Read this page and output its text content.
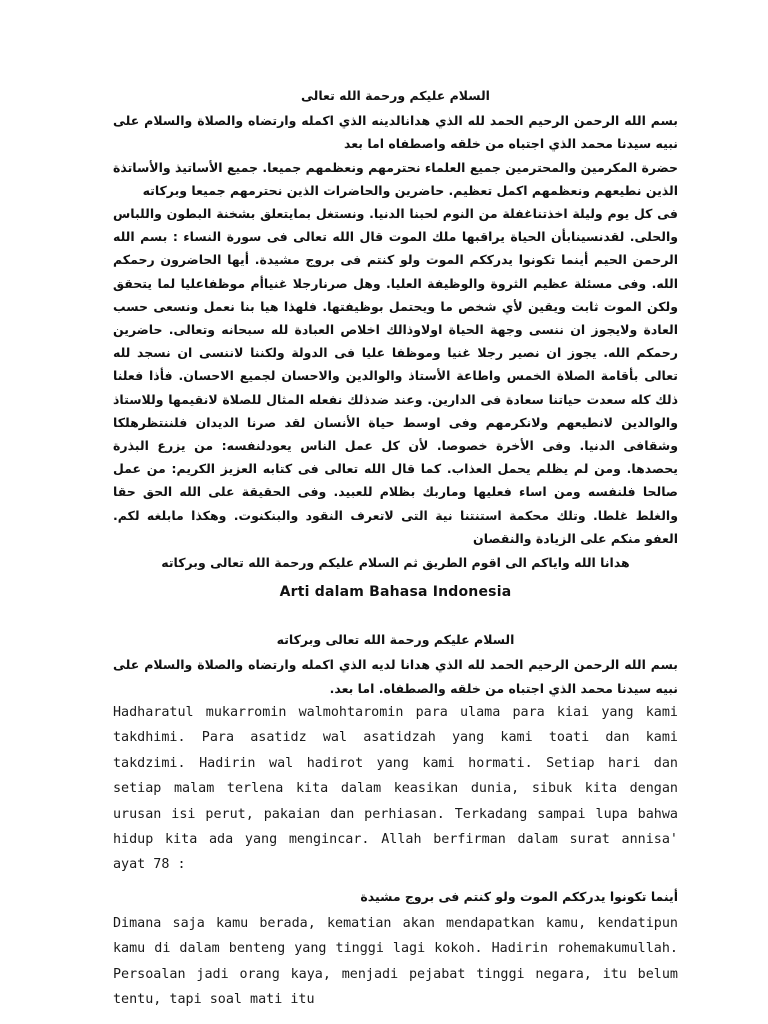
السلام عليكم ورحمة الله تعالى

بسم الله الرحمن الرحيم الحمد لله الذي هدانالدينه الذي اكمله وارتضاه والصلاة والسلام على نبيه سيدنا محمد الذي اجتباه من خلقه واصطفاه اما بعد

حضرة المكرمين والمحترمين جميع العلماء نحترمهم ونعظمهم جميعا. جميع الأساتيذ والأساتذة الذين نطيعهم ونعظمهم اكمل تعظيم. حاضرين والحاضرات الذين نحترمهم جميعا وبركاته

فى كل يوم وليلة اخذتناغفلة من النوم لحبنا الدنيا. ونستغل بمايتعلق بشخنة البطون واللباس والحلى. لقدنسينابأن الحياة يراقبها ملك الموت قال الله تعالى فى سورة النساء : بسم الله الرحمن الحيم أينما تكونوا يدرككم الموت ولو كنتم فى بروج مشيدة. أيها الحاضرون رحمكم الله. وفى مسئلة عظيم الثروة والوظيفة العليا. وهل صرنارجلا غنياأم موظفاعليا لما يتحقق ولكن الموت ثابت ويقين لأي شخص ما ويحتمل بوظيفتها. فلهذا هيا بنا نعمل ونسعى حسب العادة ولايجوز ان ننسى وجهة الحياة اولاوذالك اخلاص العبادة لله سبحانه وتعالى. حاضرين رحمكم الله. يجوز ان نصير رجلا غنيا وموظفا عليا فى الدولة ولكننا لاننسى ان نسجد لله تعالى بأقامة الصلاة الخمس واطاعة الأستاذ والوالدين والاحسان لجميع الاحسان. فأذا فعلنا ذلك كله سعدت حياتنا سعادة فى الدارين. وعند ضدذلك نفعله المثال للصلاة لانقيمها وللاستاذ والوالدين لانطيعهم ولانكرمهم وفى اوسط حياة الأنسان لقد صرنا الديدان فلننتظرهلكا وشقافى الدنيا. وفى الأخرة خصوصا. لأن كل عمل الناس يعودلنفسه: من يزرع البذرة يحصدها. ومن لم يظلم يحمل العذاب. كما قال الله تعالى فى كتابه العزيز الكريم: من عمل صالحا فلنفسه ومن اساء فعليها وماربك بظلام للعبيد. وفى الحقيقة على الله الحق حقا والغلط غلطا. وتلك محكمة استنتنا نية التى لاتعرف النقود والبنكنوت. وهكذا مابلغه لكم. العفو منكم على الزيادة والنقصان

هدانا الله واياكم الى اقوم الطريق ثم السلام عليكم ورحمة الله تعالى وبركاته

Arti dalam Bahasa Indonesia

السلام عليكم ورحمة الله تعالى وبركاته

بسم الله الرحمن الرحيم الحمد لله الذي هدانا لديه الذي اكمله وارتضاه والصلاة والسلام على نبيه سيدنا محمد الذي اجتباه من خلقه والصطفاه. اما بعد.

Hadharatul mukarromin walmohtaromin para ulama para kiai yang kami takdhimi. Para asatidz wal asatidzah yang kami toati dan kami takdzimi. Hadirin wal hadirot yang kami hormati. Setiap hari dan setiap malam terlena kita dalam keasikan dunia, sibuk kita dengan urusan isi perut, pakaian dan perhiasan. Terkadang sampai lupa bahwa hidup kita ada yang mengincar. Allah berfirman dalam surat annisa' ayat 78 :

أينما تكونوا يدرككم الموت ولو كنتم فى بروج مشيدة

Dimana saja kamu berada, kematian akan mendapatkan kamu, kendatipun kamu di dalam benteng yang tinggi lagi kokoh. Hadirin rohemakumullah. Persoalan jadi orang kaya, menjadi pejabat tinggi negara, itu belum tentu, tapi soal mati itu
